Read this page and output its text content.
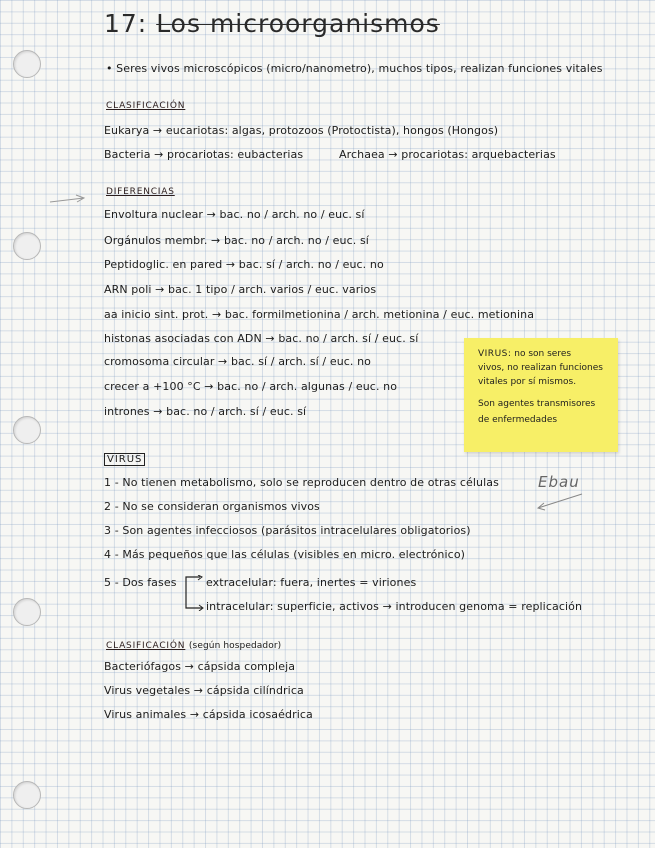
17: Los microorganismos
• Seres vivos microscópicos (micro/nanometro), muchos tipos, realizan funciones vitales
CLASIFICACIÓN
Eukarya → eucariotas: algas, protozoos (Protoctista), hongos (Hongos)
Bacteria → procariotas: eubacterias	Archaea → procariotas: arquebacterias
DIFERENCIAS
Envoltura nuclear → bac. no / arch. no / euc. sí
Orgánulos membr. → bac. no / arch. no / euc. sí
Peptidoglic. en pared → bac. sí / arch. no / euc. no
ARN poli → bac. 1 tipo / arch. varios / euc. varios
aa inicio sint. prot. → bac. formilmetionina / arch. metionina / euc. metionina
histonas asociadas con ADN → bac. no / arch. sí / euc. sí
cromosoma circular → bac. sí / arch. sí / euc. no
crecer a +100 °C → bac. no / arch. algunas / euc. no
intrones → bac. no / arch. sí / euc. sí
VIRUS: no son seres
vivos, no realizan funciones
vitales por sí mismos.
Son agentes transmisores
de enfermedades
VIRUS
1 - No tienen metabolismo, solo se reproducen dentro de otras células
2 - No se consideran organismos vivos
3 - Son agentes infecciosos (parásitos intracelulares obligatorios)
4 - Más pequeños que las células (visibles en micro. electrónico)
5 - Dos fases	extracelular: fuera, inertes = viriones
intracelular: superficie, activos → introducen genoma = replicación
Ebau
CLASIFICACIÓN (según hospedador)
Bacteriófagos → cápsida compleja
Virus vegetales → cápsida cilíndrica
Virus animales → cápsida icosaédrica
